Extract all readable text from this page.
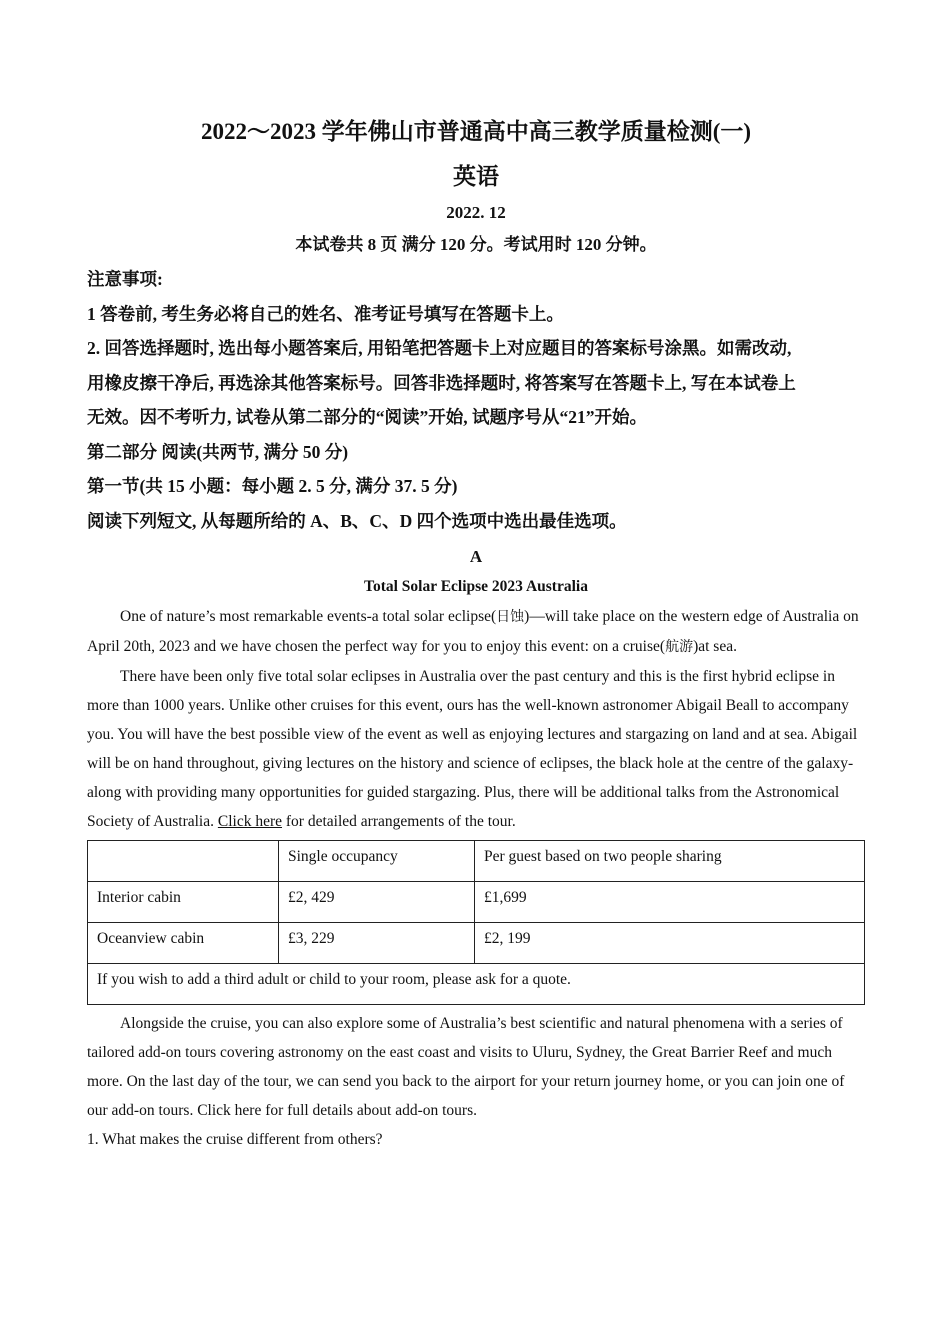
2022～2023 学年佛山市普通高中高三教学质量检测(一)
英语
2022. 12
本试卷共 8 页 满分 120 分。考试用时 120 分钟。
注意事项:
1 答卷前, 考生务必将自己的姓名、准考证号填写在答题卡上。
2. 回答选择题时, 选出每小题答案后, 用铅笔把答题卡上对应题目的答案标号涂黑。如需改动,
用橡皮擦干净后, 再选涂其他答案标号。回答非选择题时, 将答案写在答题卡上, 写在本试卷上
无效。因不考听力, 试卷从第二部分的“阅读”开始, 试题序号从“21”开始。
第二部分 阅读(共两节, 满分 50 分)
第一节(共 15 小题：每小题 2. 5 分, 满分 37. 5 分)
阅读下列短文, 从每题所给的 A、B、C、D 四个选项中选出最佳选项。
A
Total Solar Eclipse 2023 Australia

One of nature’s most remarkable events-a total solar eclipse(日蚀)—will take place on the western edge of Australia on April 20th, 2023 and we have chosen the perfect way for you to enjoy this event: on a cruise(航游)at sea.

There have been only five total solar eclipses in Australia over the past century and this is the first hybrid eclipse in more than 1000 years. Unlike other cruises for this event, ours has the well-known astronomer Abigail Beall to accompany you. You will have the best possible view of the event as well as enjoying lectures and stargazing on land and at sea. Abigail will be on hand throughout, giving lectures on the history and science of eclipses, the black hole at the centre of the galaxy-along with providing many opportunities for guided stargazing. Plus, there will be additional talks from the Astronomical Society of Australia. Click here for detailed arrangements of the tour.

	Single occupancy	Per guest based on two people sharing
Interior cabin	£2, 429	£1,699
Oceanview cabin	£3, 229	£2, 199
If you wish to add a third adult or child to your room, please ask for a quote.		

Alongside the cruise, you can also explore some of Australia’s best scientific and natural phenomena with a series of tailored add-on tours covering astronomy on the east coast and visits to Uluru, Sydney, the Great Barrier Reef and much more. On the last day of the tour, we can send you back to the airport for your return journey home, or you can join one of our add-on tours. Click here for full details about add-on tours.

1. What makes the cruise different from others?
